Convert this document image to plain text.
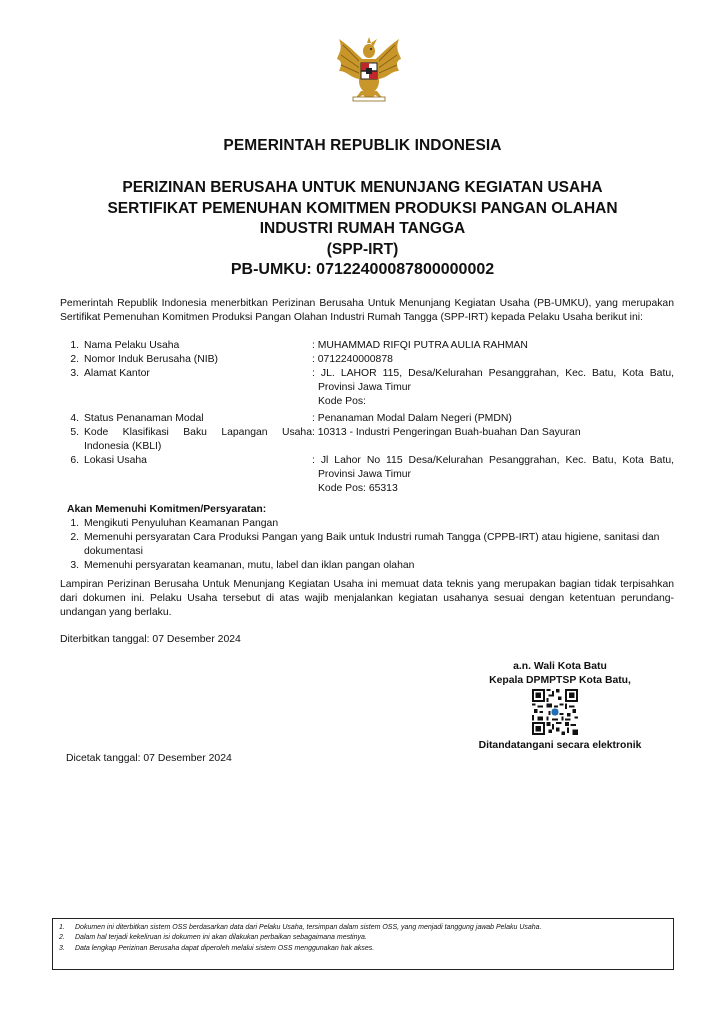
PEMERINTAH REPUBLIK INDONESIA
PERIZINAN BERUSAHA UNTUK MENUNJANG KEGIATAN USAHA
SERTIFIKAT PEMENUHAN KOMITMEN PRODUKSI PANGAN OLAHAN
INDUSTRI RUMAH TANGGA
(SPP-IRT)
PB-UMKU: 07122400087800000002

Pemerintah Republik Indonesia menerbitkan Perizinan Berusaha Untuk Menunjang Kegiatan Usaha (PB-UMKU), yang merupakan Sertifikat Pemenuhan Komitmen Produksi Pangan Olahan Industri Rumah Tangga (SPP-IRT) kepada Pelaku Usaha berikut ini:

1. Nama Pelaku Usaha	: MUHAMMAD RIFQI PUTRA AULIA RAHMAN
2. Nomor Induk Berusaha (NIB)	: 0712240000878
3. Alamat Kantor	: JL. LAHOR 115, Desa/Kelurahan Pesanggrahan, Kec. Batu, Kota Batu,
Provinsi Jawa Timur
Kode Pos:
4. Status Penanaman Modal	: Penanaman Modal Dalam Negeri (PMDN)
5. Kode Klasifikasi Baku Lapangan Usaha
Indonesia (KBLI)
: 10313 - Industri Pengeringan Buah-buahan Dan Sayuran
6. Lokasi Usaha	: Jl Lahor No 115 Desa/Kelurahan Pesanggrahan, Kec. Batu, Kota Batu,
Provinsi Jawa Timur
Kode Pos: 65313
Akan Memenuhi Komitmen/Persyaratan:
1. Mengikuti Penyuluhan Keamanan Pangan
2. Memenuhi persyaratan Cara Produksi Pangan yang Baik untuk Industri rumah Tangga (CPPB-IRT) atau higiene, sanitasi dan dokumentasi
3. Memenuhi persyaratan keamanan, mutu, label dan iklan pangan olahan

Lampiran Perizinan Berusaha Untuk Menunjang Kegiatan Usaha ini memuat data teknis yang merupakan bagian tidak terpisahkan dari dokumen ini. Pelaku Usaha tersebut di atas wajib menjalankan kegiatan usahanya sesuai dengan ketentuan perundang-undangan yang berlaku.

Diterbitkan tanggal: 07 Desember 2024
a.n. Wali Kota Batu
Kepala DPMPTSP Kota Batu,
Ditandatangani secara elektronik
Dicetak tanggal: 07 Desember 2024
1.	Dokumen ini diterbitkan sistem OSS berdasarkan data dari Pelaku Usaha, tersimpan dalam sistem OSS, yang menjadi tanggung jawab Pelaku Usaha.
2.	Dalam hal terjadi kekeliruan isi dokumen ini akan dilakukan perbaikan sebagaimana mestinya.
3.	Data lengkap Perizinan Berusaha dapat diperoleh melalui sistem OSS menggunakan hak akses.
